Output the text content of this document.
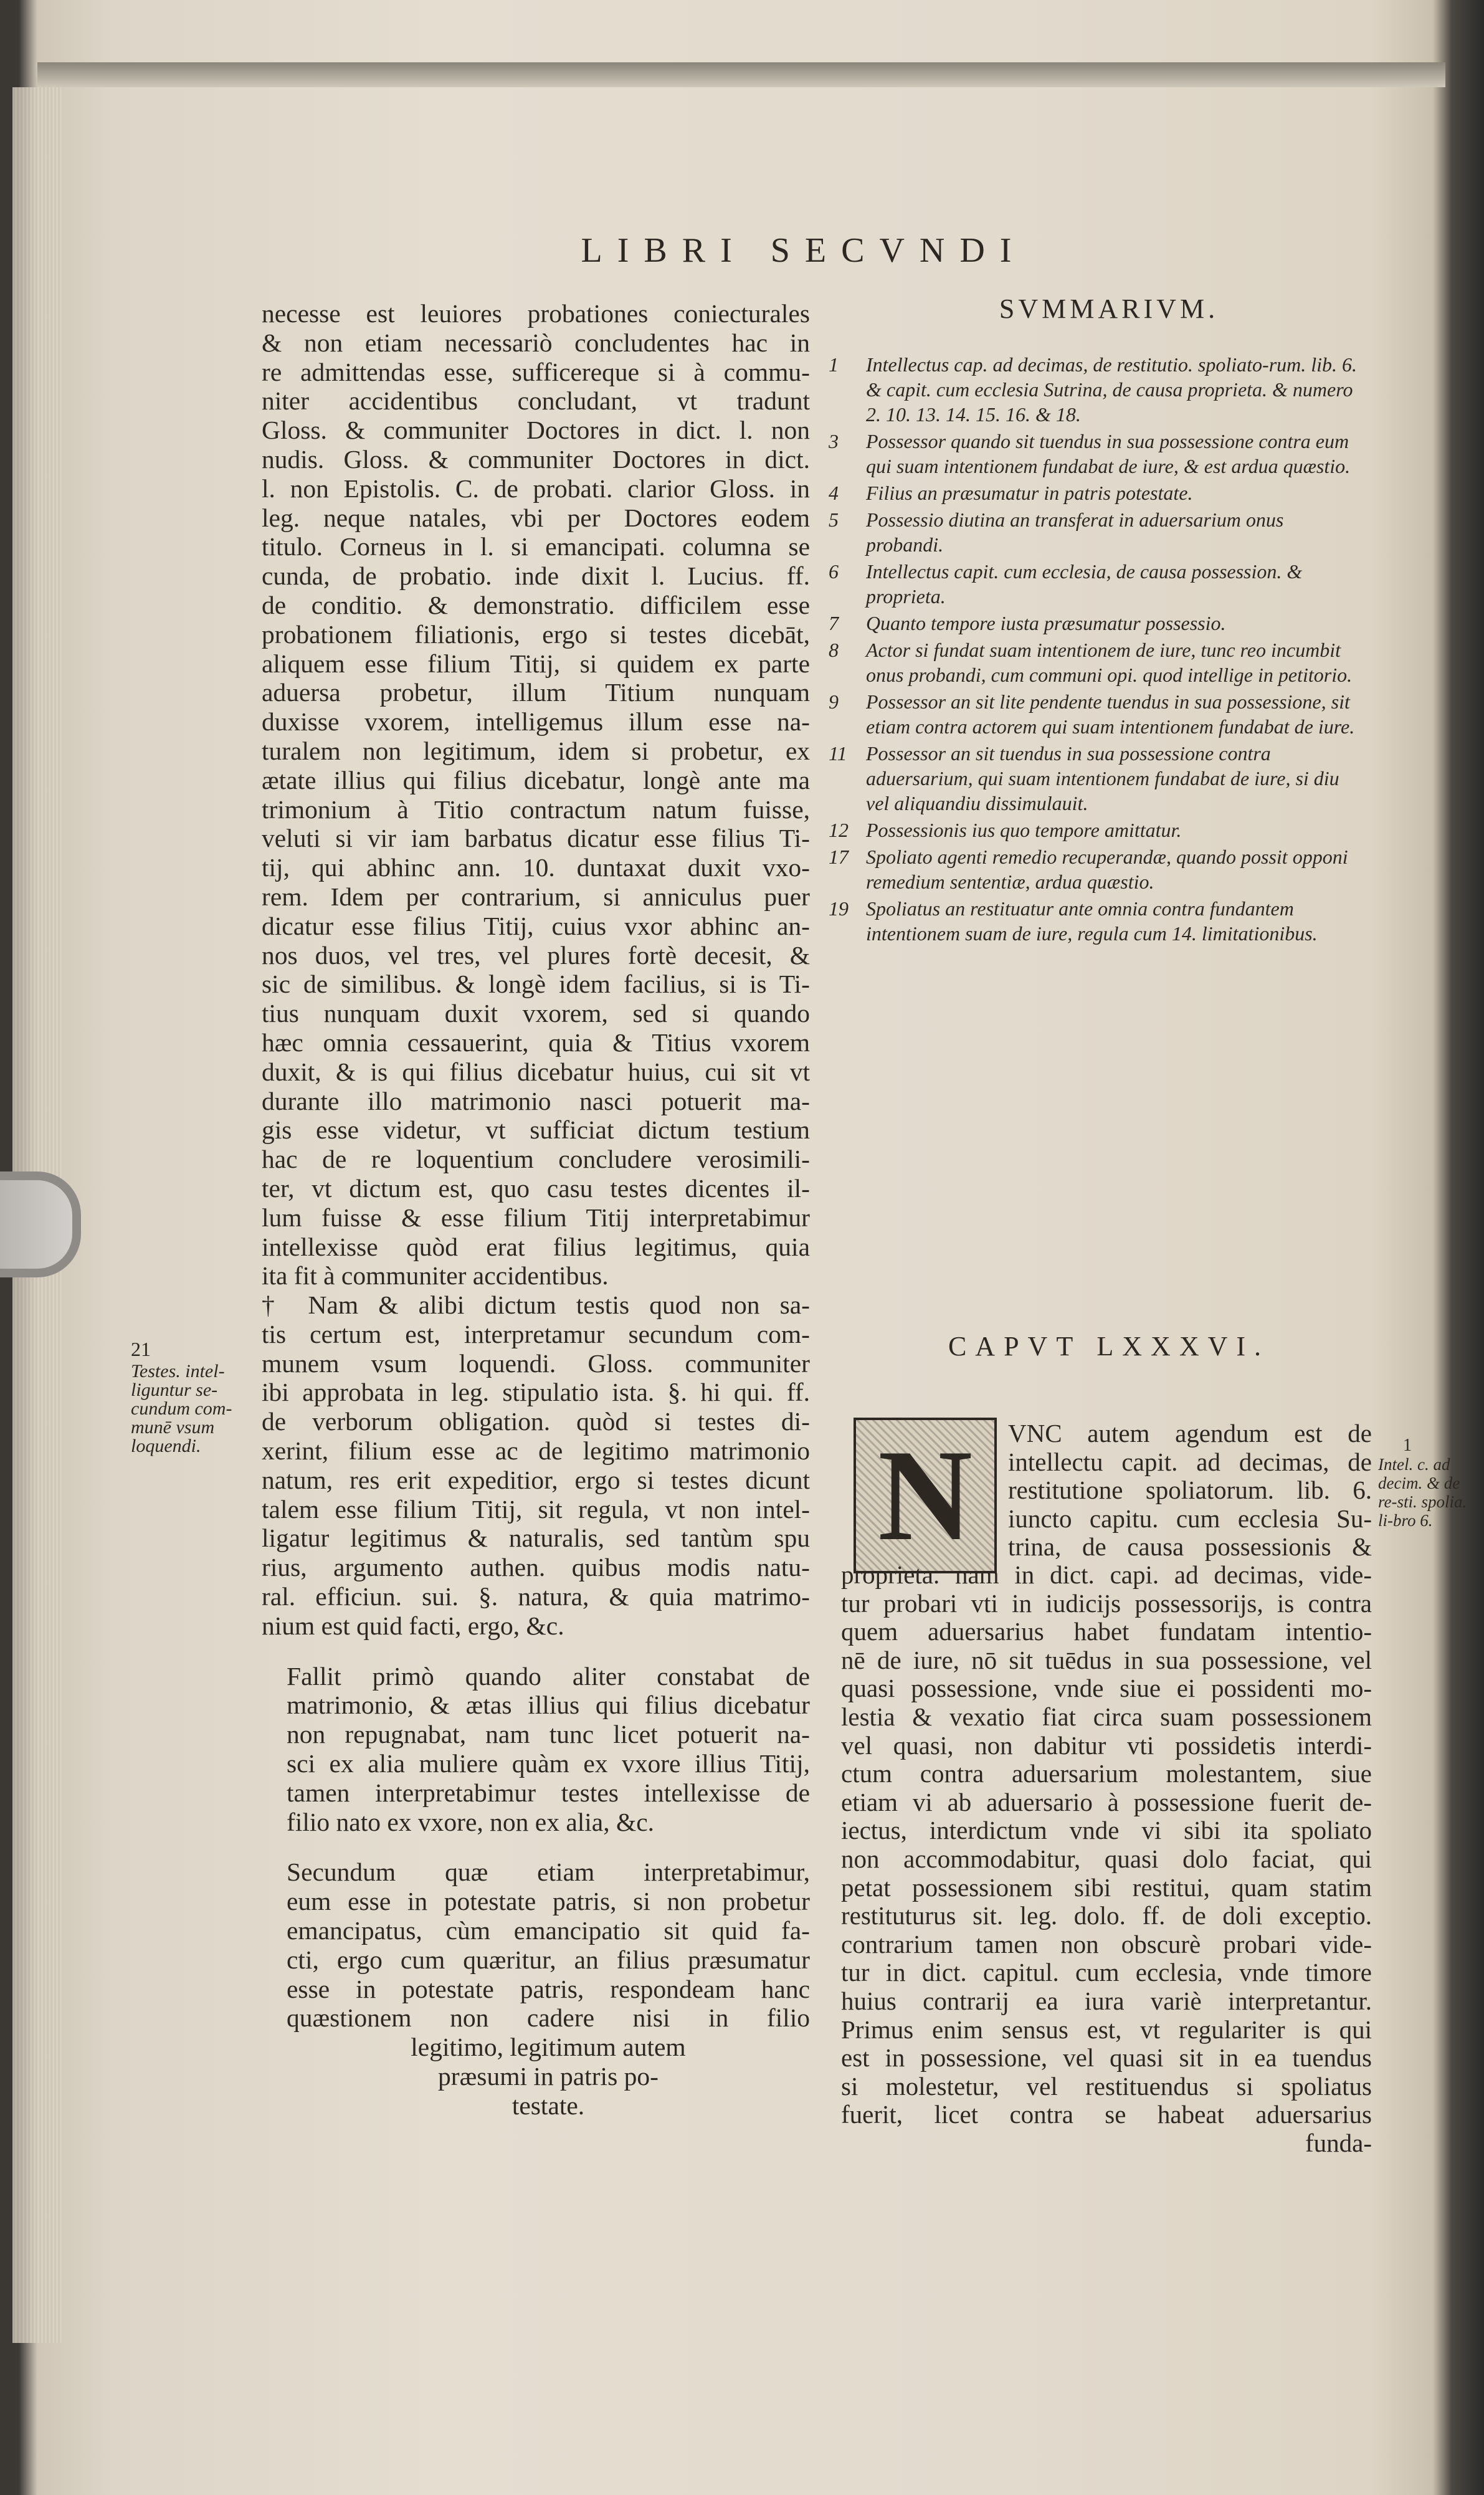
LIBRI SECVNDI
necesse est leuiores probationes coniecturales
& non etiam necessariò concludentes hac in
re admittendas esse, sufficereque si à commu-
niter accidentibus concludant, vt tradunt
Gloss. & communiter Doctores in dict. l. non
nudis. Gloss. & communiter Doctores in dict.
l. non Epistolis. C. de probati. clarior Gloss. in
leg. neque natales, vbi per Doctores eodem
titulo. Corneus in l. si emancipati. columna se
cunda, de probatio. inde dixit l. Lucius. ff.
de conditio. & demonstratio. difficilem esse
probationem filiationis, ergo si testes dicebāt,
aliquem esse filium Titij, si quidem ex parte
aduersa probetur, illum Titium nunquam
duxisse vxorem, intelligemus illum esse na-
turalem non legitimum, idem si probetur, ex
ætate illius qui filius dicebatur, longè ante ma
trimonium à Titio contractum natum fuisse,
veluti si vir iam barbatus dicatur esse filius Ti-
tij, qui abhinc ann. 10. duntaxat duxit vxo-
rem. Idem per contrarium, si anniculus puer
dicatur esse filius Titij, cuius vxor abhinc an-
nos duos, vel tres, vel plures fortè decesit, &
sic de similibus. & longè idem facilius, si is Ti-
tius nunquam duxit vxorem, sed si quando
hæc omnia cessauerint, quia & Titius vxorem
duxit, & is qui filius dicebatur huius, cui sit vt
durante illo matrimonio nasci potuerit ma-
gis esse videtur, vt sufficiat dictum testium
hac de re loquentium concludere verosimili-
ter, vt dictum est, quo casu testes dicentes il-
lum fuisse & esse filium Titij interpretabimur
intellexisse quòd erat filius legitimus, quia
ita fit à communiter accidentibus.
† Nam & alibi dictum testis quod non sa-
tis certum est, interpretamur secundum com-
munem vsum loquendi. Gloss. communiter
ibi approbata in leg. stipulatio ista. §. hi qui. ff.
de verborum obligation. quòd si testes di-
xerint, filium esse ac de legitimo matrimonio
natum, res erit expeditior, ergo si testes dicunt
talem esse filium Titij, sit regula, vt non intel-
ligatur legitimus & naturalis, sed tantùm spu
rius, argumento authen. quibus modis natu-
ral. efficiun. sui. §. natura, & quia matrimo-
nium est quid facti, ergo, &c.
Fallit primò quando aliter constabat de
matrimonio, & ætas illius qui filius dicebatur
non repugnabat, nam tunc licet potuerit na-
sci ex alia muliere quàm ex vxore illius Titij,
tamen interpretabimur testes intellexisse de
filio nato ex vxore, non ex alia, &c.
Secundum quæ etiam interpretabimur,
eum esse in potestate patris, si non probetur
emancipatus, cùm emancipatio sit quid fa-
cti, ergo cum quæritur, an filius præsumatur
esse in potestate patris, respondeam hanc
quæstionem non cadere nisi in filio
legitimo, legitimum autem
præsumi in patris po-
testate.
21
Testes. intel-liguntur se-cundum com-munē vsum loquendi.
SVMMARIVM.
1 Intellectus cap. ad decimas, de restitutio. spoliato-rum. lib. 6. & capit. cum ecclesia Sutrina, de causa proprieta. & numero 2. 10. 13. 14. 15. 16. & 18.
3 Possessor quando sit tuendus in sua possessione contra eum qui suam intentionem fundabat de iure, & est ardua quæstio.
4 Filius an præsumatur in patris potestate.
5 Possessio diutina an transferat in aduersarium onus probandi.
6 Intellectus capit. cum ecclesia, de causa possession. & proprieta.
7 Quanto tempore iusta præsumatur possessio.
8 Actor si fundat suam intentionem de iure, tunc reo incumbit onus probandi, cum communi opi. quod intellige in petitorio.
9 Possessor an sit lite pendente tuendus in sua possessione, sit etiam contra actorem qui suam intentionem fundabat de iure.
11 Possessor an sit tuendus in sua possessione contra aduersarium, qui suam intentionem fundabat de iure, si diu vel aliquandiu dissimulauit.
12 Possessionis ius quo tempore amittatur.
17 Spoliato agenti remedio recuperandæ, quando possit opponi remedium sententiæ, ardua quæstio.
19 Spoliatus an restituatur ante omnia contra fundantem intentionem suam de iure, regula cum 14. limitationibus.
CAPVT LXXXVI.
N	VNC autem agendum est de
intellectu capit. ad decimas, de
restitutione spoliatorum. lib. 6.
iuncto capitu. cum ecclesia Su-
trina, de causa possessionis &
proprieta. nam in dict. capi. ad decimas, vide-
tur probari vti in iudicijs possessorijs, is contra
quem aduersarius habet fundatam intentio-
nē de iure, nō sit tuēdus in sua possessione, vel
quasi possessione, vnde siue ei possidenti mo-
lestia & vexatio fiat circa suam possessionem
vel quasi, non dabitur vti possidetis interdi-
ctum contra aduersarium molestantem, siue
etiam vi ab aduersario à possessione fuerit de-
iectus, interdictum vnde vi sibi ita spoliato
non accommodabitur, quasi dolo faciat, qui
petat possessionem sibi restitui, quam statim
restituturus sit. leg. dolo. ff. de doli exceptio.
contrarium tamen non obscurè probari vide-
tur in dict. capitul. cum ecclesia, vnde timore
huius contrarij ea iura variè interpretantur.
Primus enim sensus est, vt regulariter is qui
est in possessione, vel quasi sit in ea tuendus
si molestetur, vel restituendus si spoliatus
fuerit, licet contra se habeat aduersarius
funda-
1
Intel. c. ad decim. & de re-sti. spolia. li-bro 6.
